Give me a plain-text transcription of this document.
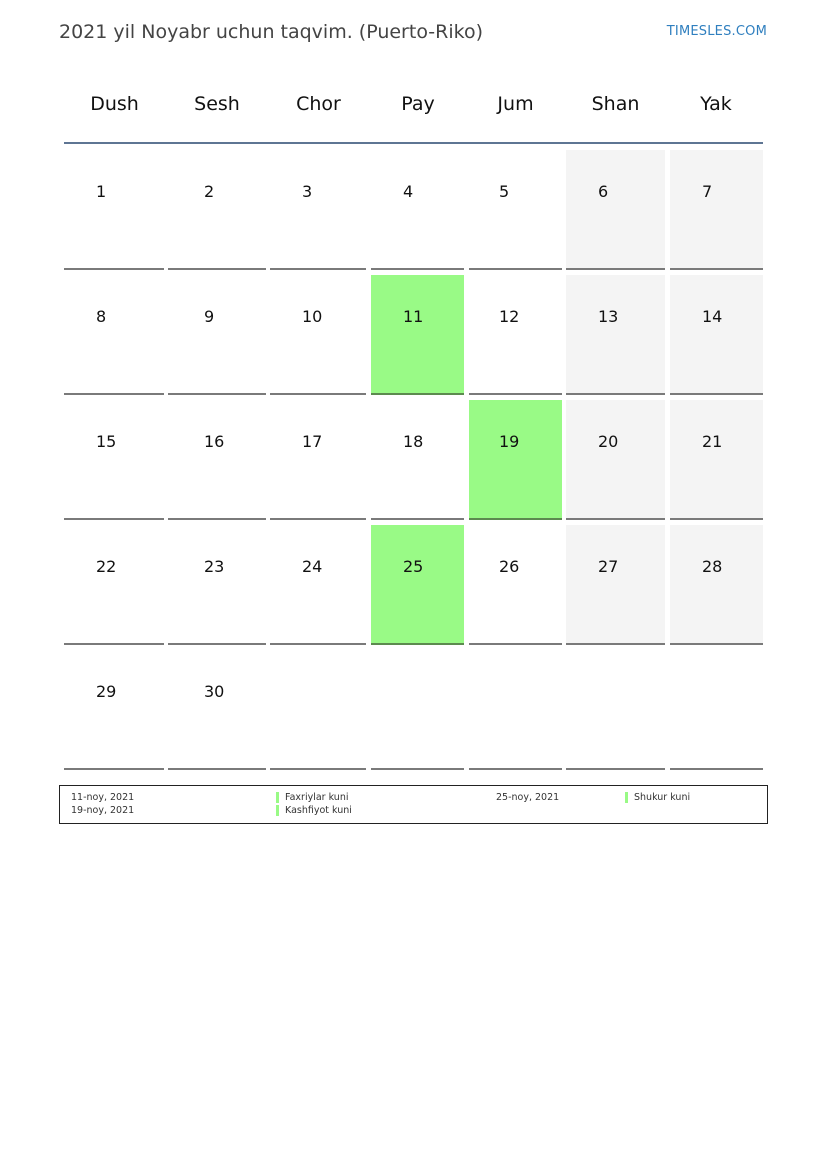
2021 yil Noyabr uchun taqvim. (Puerto-Riko)	TIMESLES.COM
Dush	Sesh	Chor	Pay	Jum	Shan	Yak
1	2	3	4	5	6	7
8	9	10	11	12	13	14
15	16	17	18	19	20	21
22	23	24	25	26	27	28
29	30
11-noy, 2021
19-noy, 2021
Faxriylar kuni
Kashfiyot kuni
25-noy, 2021	Shukur kuni
